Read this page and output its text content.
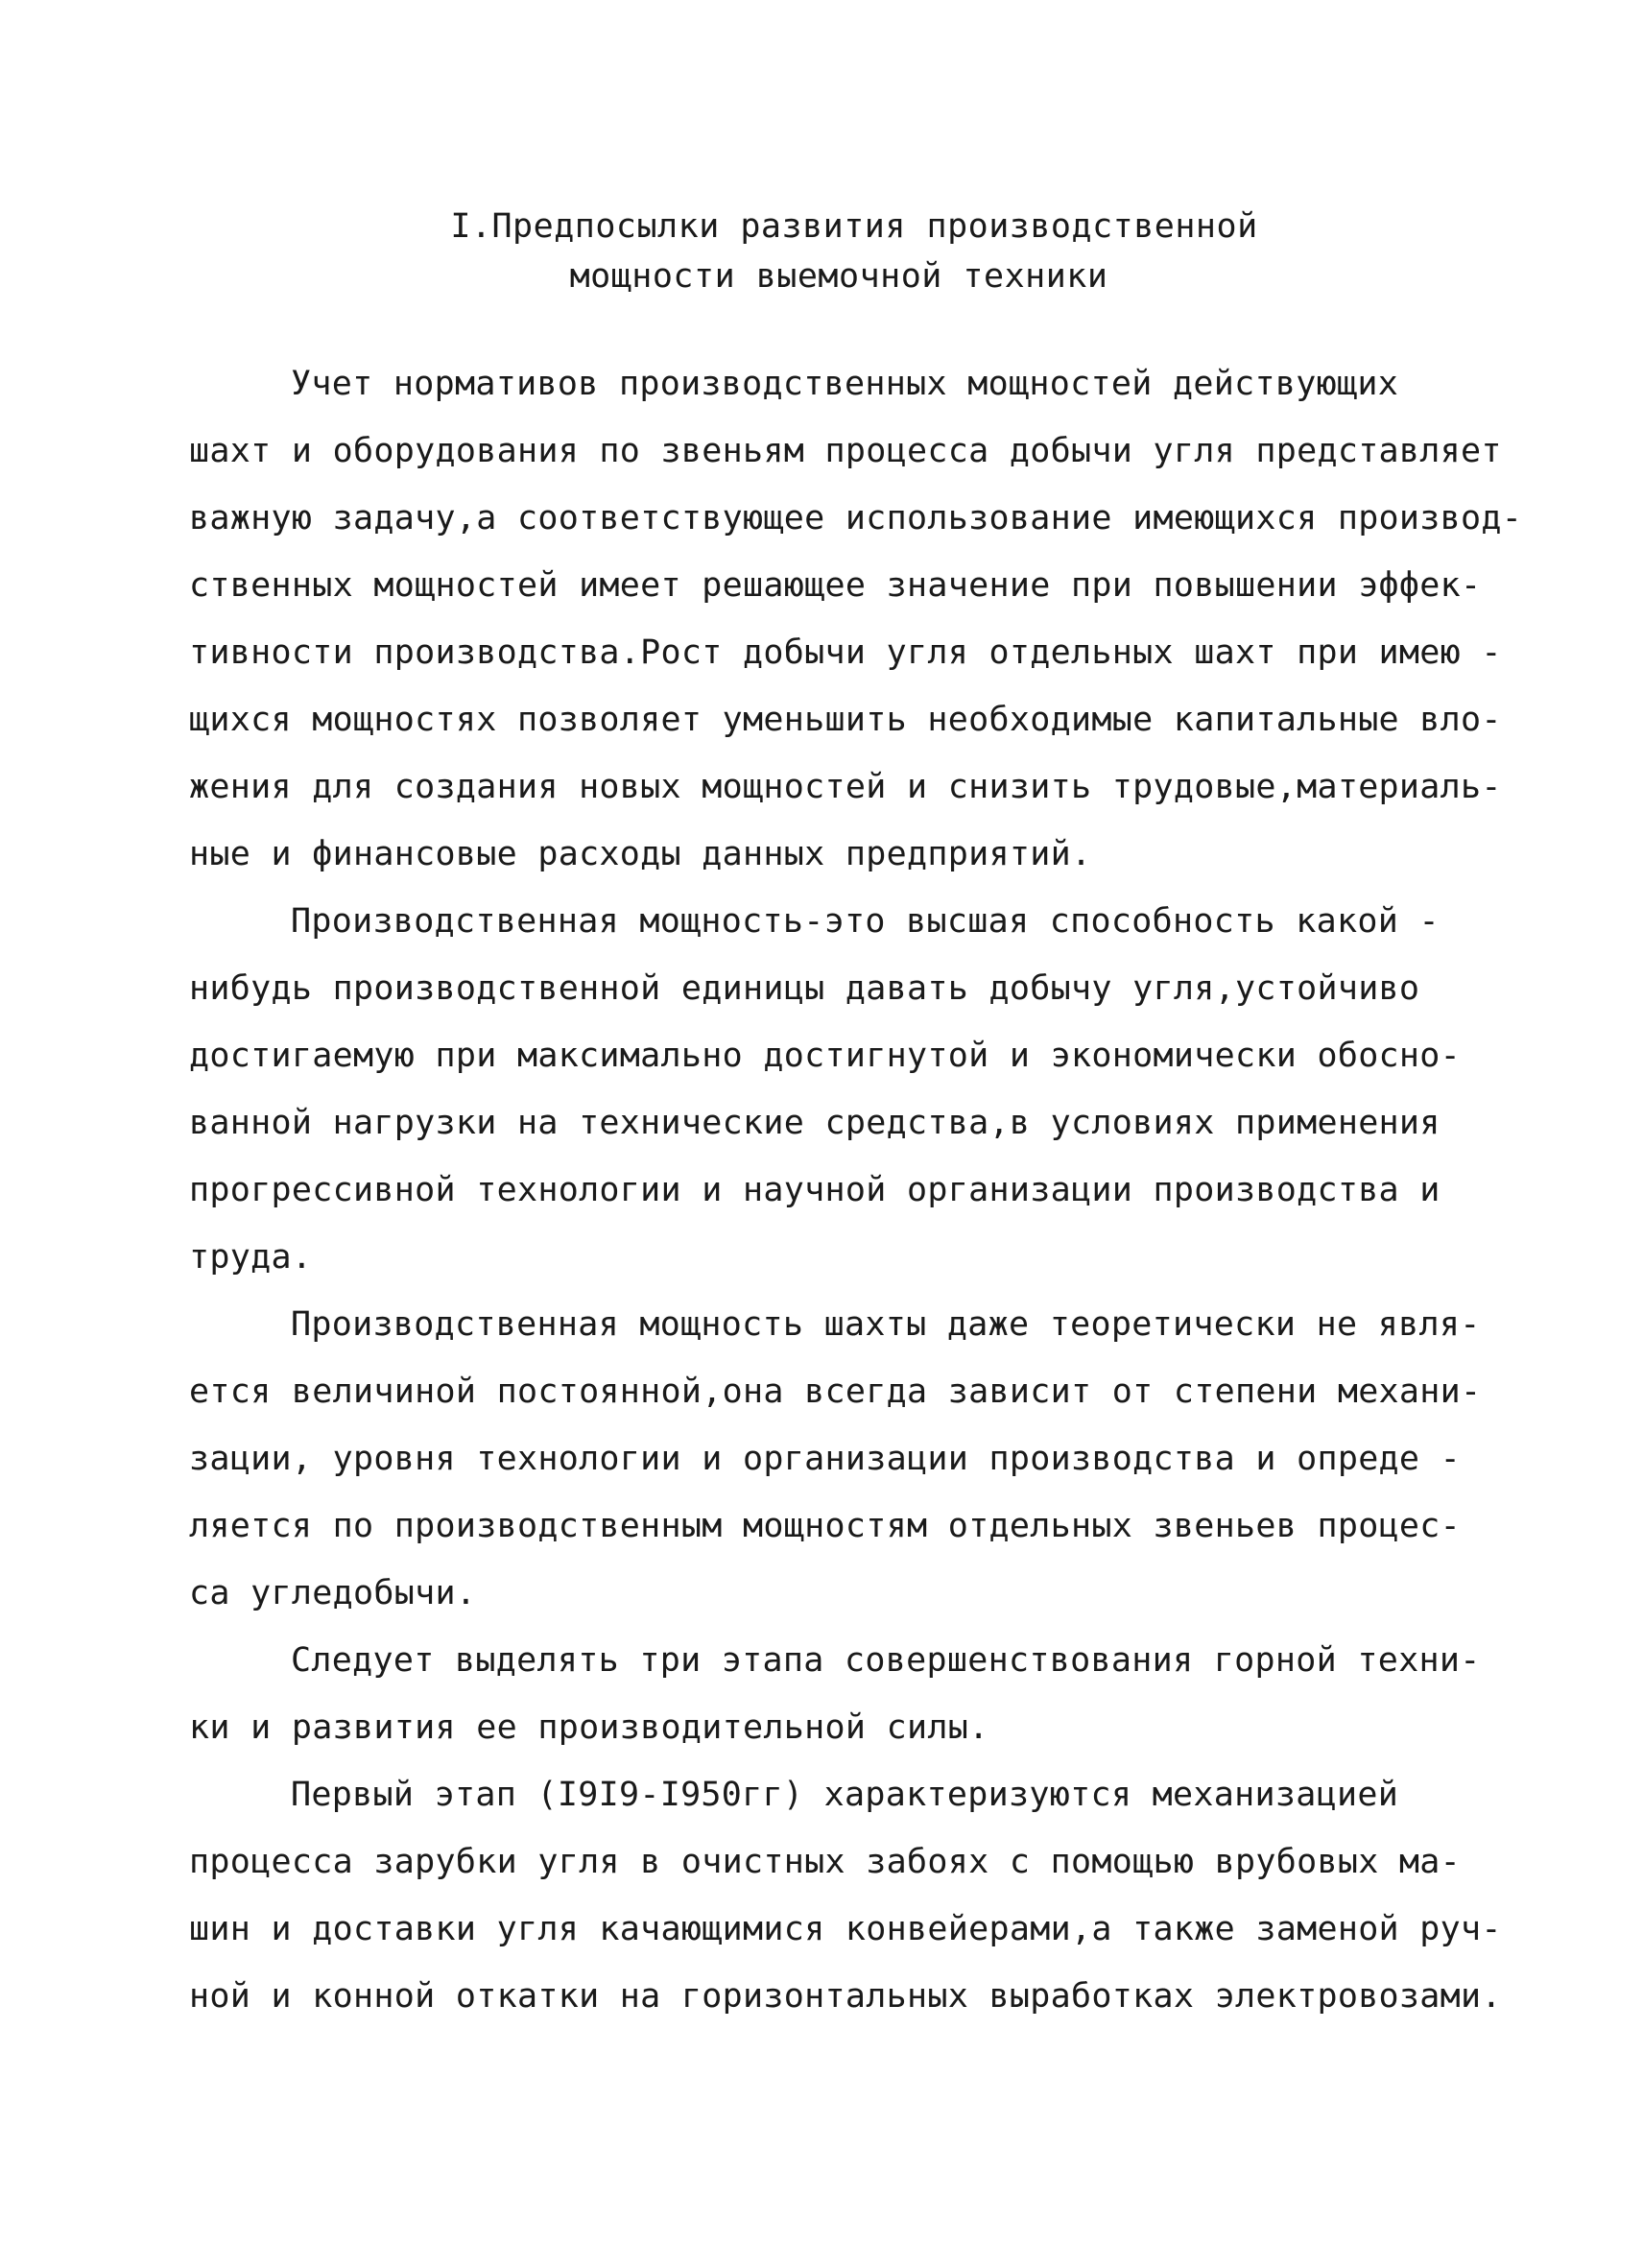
I.Предпосылки развития производственной
мощности выемочной техники
Учет нормативов производственных мощностей действующих
шахт и оборудования по звеньям процесса добычи угля представляет
важную задачу,а соответствующее использование имеющихся производ-
ственных мощностей имеет решающее значение при повышении эффек-
тивности производства.Рост добычи угля отдельных шахт при имею -
щихся мощностях позволяет уменьшить необходимые капитальные вло-
жения для создания новых мощностей и снизить трудовые,материаль-
ные и финансовые расходы данных предприятий.
Производственная мощность-это высшая способность какой -
нибудь производственной единицы давать добычу угля,устойчиво
достигаемую при максимально достигнутой и экономически обосно-
ванной нагрузки на технические средства,в условиях применения
прогрессивной технологии и научной организации производства и
труда.
Производственная мощность шахты даже теоретически не явля-
ется величиной постоянной,она всегда зависит от степени механи-
зации, уровня технологии и организации производства и опреде -
ляется по производственным мощностям отдельных звеньев процес-
са угледобычи.
Следует выделять три этапа совершенствования горной техни-
ки и развития ее производительной силы.
Первый этап (I9I9-I950гг) характеризуются механизацией
процесса зарубки угля в очистных забоях с помощью врубовых ма-
шин и доставки угля качающимися конвейерами,а также заменой руч-
ной и конной откатки на горизонтальных выработках электровозами.
